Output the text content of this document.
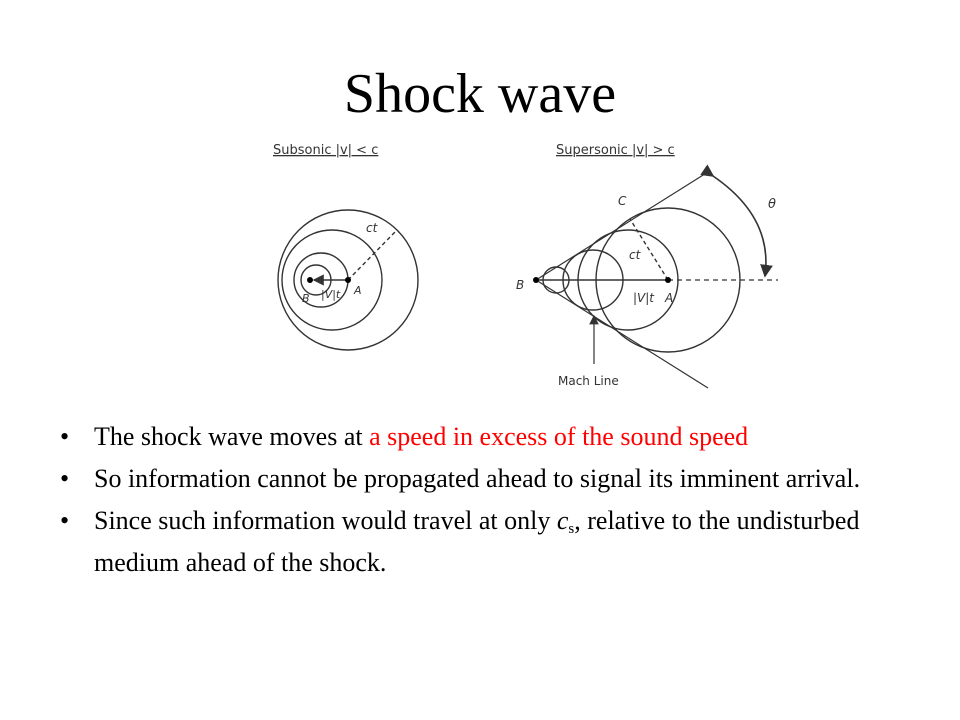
Shock wave
Subsonic |v| < c
ct
|V|t A
B
Supersonic |v| > c
C
ct
|V|t A
B
θ
Mach Line
• The shock wave moves at a speed in excess of the sound speed
• So information cannot be propagated ahead to signal its imminent arrival.
• Since such information would travel at only $c_s$, relative to the undisturbed medium ahead of the shock.
